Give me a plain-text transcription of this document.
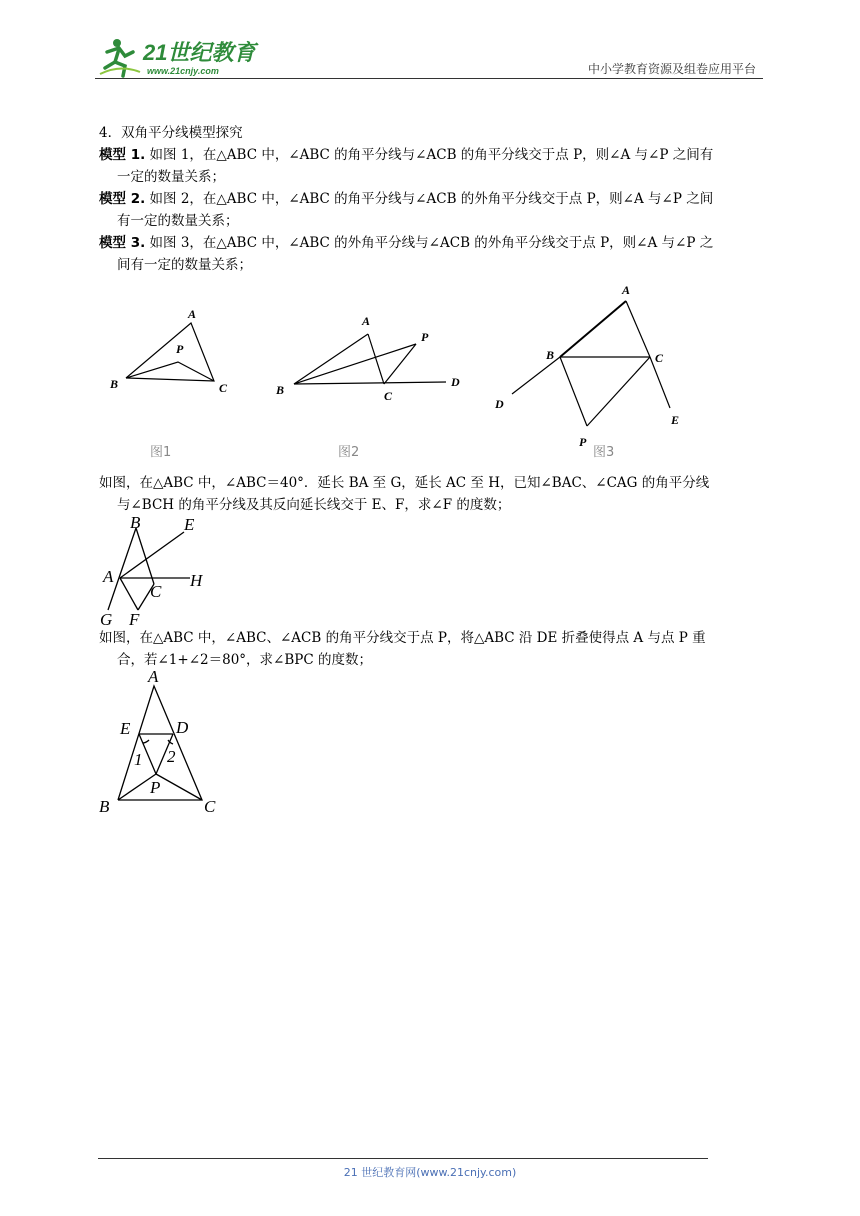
21世纪教育
www.21cnjy.com	中小学教育资源及组卷应用平台
4．双角平分线模型探究
模型 1. 如图 1，在△ABC 中，∠ABC 的角平分线与∠ACB 的角平分线交于点 P，则∠A 与∠P 之间有
一定的数量关系；
模型 2. 如图 2，在△ABC 中，∠ABC 的角平分线与∠ACB 的外角平分线交于点 P，则∠A 与∠P 之间
有一定的数量关系；
模型 3. 如图 3，在△ABC 中，∠ABC 的外角平分线与∠ACB 的外角平分线交于点 P，则∠A 与∠P 之
间有一定的数量关系；
A
P
B	C
图1
A
P
B	C
D
图2
A
B	C
D
E
P
图3
如图，在△ABC 中，∠ABC＝40°．延长 BA 至 G，延长 AC 至 H，已知∠BAC、∠CAG 的角平分线
与∠BCH 的角平分线及其反向延长线交于 E、F，求∠F 的度数；
B	E
A
C
H
G F
如图，在△ABC 中，∠ABC、∠ACB 的角平分线交于点 P，将△ABC 沿 DE 折叠使得点 A 与点 P 重
合，若∠1+∠2＝80°，求∠BPC 的度数；
A
E	D
1 2
P
B	C
21 世纪教育网(www.21cnjy.com)
